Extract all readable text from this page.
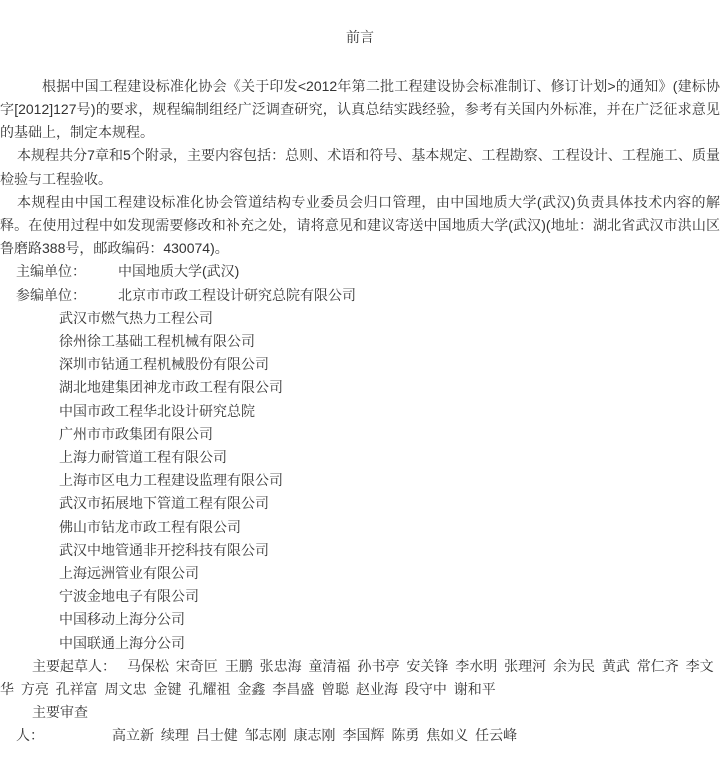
前言

根据中国工程建设标准化协会《关于印发<2012年第二批工程建设协会标准制订、修订计划>的通知》(建标协字[2012]127号)的要求，规程编制组经广泛调查研究，认真总结实践经验，参考有关国内外标准，并在广泛征求意见的基础上，制定本规程。

本规程共分7章和5个附录，主要内容包括：总则、术语和符号、基本规定、工程勘察、工程设计、工程施工、质量检验与工程验收。

本规程由中国工程建设标准化协会管道结构专业委员会归口管理，由中国地质大学(武汉)负责具体技术内容的解释。在使用过程中如发现需要修改和补充之处，请将意见和建议寄送中国地质大学(武汉)(地址：湖北省武汉市洪山区鲁磨路388号，邮政编码：430074)。

主编单位： 中国地质大学(武汉)
参编单位： 北京市市政工程设计研究总院有限公司
武汉市燃气热力工程公司
徐州徐工基础工程机械有限公司
深圳市钻通工程机械股份有限公司
湖北地建集团神龙市政工程有限公司
中国市政工程华北设计研究总院
广州市市政集团有限公司
上海力耐管道工程有限公司
上海市区电力工程建设监理有限公司
武汉市拓展地下管道工程有限公司
佛山市钻龙市政工程有限公司
武汉中地管通非开挖科技有限公司
上海远洲管业有限公司
宁波金地电子有限公司
中国移动上海分公司
中国联通上海分公司

主要起草人： 马保松 宋奇叵 王鹏 张忠海 童清福 孙书亭 安关锋 李水明 张理河 余为民 黄武 常仁齐 李文华 方亮 孔祥富 周文忠 金键 孔耀祖 金鑫 李昌盛 曾聪 赵业海 段守中 谢和平

主要审查人：	高立新 续理 吕士健 邹志刚 康志刚 李国辉 陈勇 焦如义 任云峰
